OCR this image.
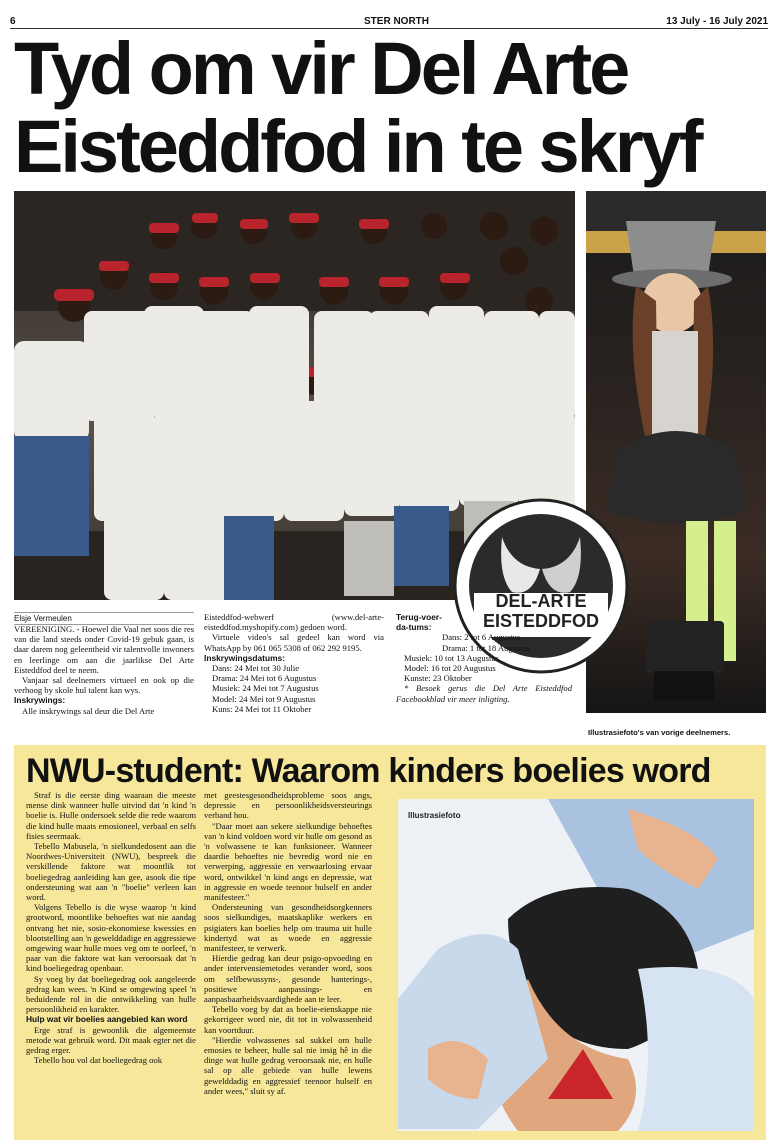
6	STER NORTH	13 July - 16 July 2021
Tyd om vir Del Arte
Eisteddfod in te skryf
DEL-ARTE
EISTEDDFOD
Elsje Vermeulen

VEREENIGING. - Hoewel die Vaal net soos die res van die land steeds onder Covid-19 gebuk gaan, is daar darem nog geleentheid vir talentvolle inwoners en leerlinge om aan die jaarlikse Del Arte Eisteddfod deel te neem.

Vanjaar sal deelnemers virtueel en ook op die verhoog by skole hul talent kan wys.

Inskrywings:

Alle inskrywings sal deur die Del Arte

Eisteddfod-webwerf (www.del-arte-eisteddfod.myshopify.com) gedoen word.

Virtuele video's sal gedeel kan word via WhatsApp by 061 065 5308 of 062 292 9195.

Inskrywingsdatums:

Dans: 24 Mei tot 30 Julie

Drama: 24 Mei tot 6 Augustus

Musiek: 24 Mei tot 7 Augustus

Model: 24 Mei tot 9 Augustus

Kuns: 24 Mei tot 11 Oktober

Terug-voer-da-tums:

Dans: 2 tot 6 Augustus

Drama: 1 tot 18 Augustus

Musiek: 10 tot 13 Augustus

Model: 16 tot 20 Augustus

Kunste: 23 Oktober

* Besoek gerus die Del Arte Eisteddfod Facebookblad vir meer inligting.

Illustrasiefoto's van vorige deelnemers.
NWU-student: Waarom kinders boelies word

Straf is die eerste ding waaraan die meeste mense dink wanneer hulle uitvind dat 'n kind 'n boelie is. Hulle ondersoek selde die rede waarom die kind hulle maats emosioneel, verbaal en selfs fisies seermaak.

Tebello Mabusela, 'n sielkundedosent aan die Noordwes-Universiteit (NWU), bespreek die verskillende faktore wat moontlik tot boeliegedrag aanleiding kan gee, asook die tipe ondersteuning wat aan 'n "boelie" verleen kan word.

Volgens Tebello is die wyse waarop 'n kind grootword, moontlike behoeftes wat nie aandag ontvang het nie, sosio-ekonomiese kwessies en blootstelling aan 'n gewelddadige en aggressiewe omgewing waar hulle moes veg om te oorleef, 'n paar van die faktore wat kan veroorsaak dat 'n kind boeliegedrag openbaar.

Sy voeg by dat boeliegedrag ook aangeleerde gedrag kan wees. 'n Kind se omgewing speel 'n beduidende rol in die ontwikkeling van hulle persoonlikheid en karakter.

Hulp wat vir boelies aangebied kan word

Erge straf is gewoonlik die algemeenste metode wat gebruik word. Dit maak egter net die gedrag erger.

Tebello hou vol dat boeliegedrag ook

met geestesgesondheidsprobleme soos angs, depressie en persoonlikheidsversteurings verband hou.

"Daar moet aan sekere sielkundige behoeftes van 'n kind voldoen word vir hulle om gesond as 'n volwassene te kan funksioneer. Wanneer daardie behoeftes nie bevredig word nie en verwerping, aggressie en verwaarlosing ervaar word, ontwikkel 'n kind angs en depressie, wat in aggressie en woede teenoor hulself en ander manifesteer."

Ondersteuning van gesondheidsorgkenners soos sielkundiges, maatskaplike werkers en psigiaters kan boelies help om trauma uit hulle kindertyd wat as woede en aggressie manifesteer, te verwerk.

Hierdie gedrag kan deur psigo-opvoeding en ander intervensiemetodes verander word, soos om selfbewussyns-, gesonde hanterings-, positiewe aanpassings- en aanpasbaarheidsvaardighede aan te leer.

Tebello voeg by dat as boelie-eienskappe nie gekorrigeer word nie, dit tot in volwassenheid kan voortduur.

"Hierdie volwassenes sal sukkel om hulle emosies te beheer, hulle sal nie insig hê in die dinge wat hulle gedrag veroorsaak nie, en hulle sal op alle gebiede van hulle lewens gewelddadig en aggressief teenoor hulself en ander wees," sluit sy af.

Illustrasiefoto
